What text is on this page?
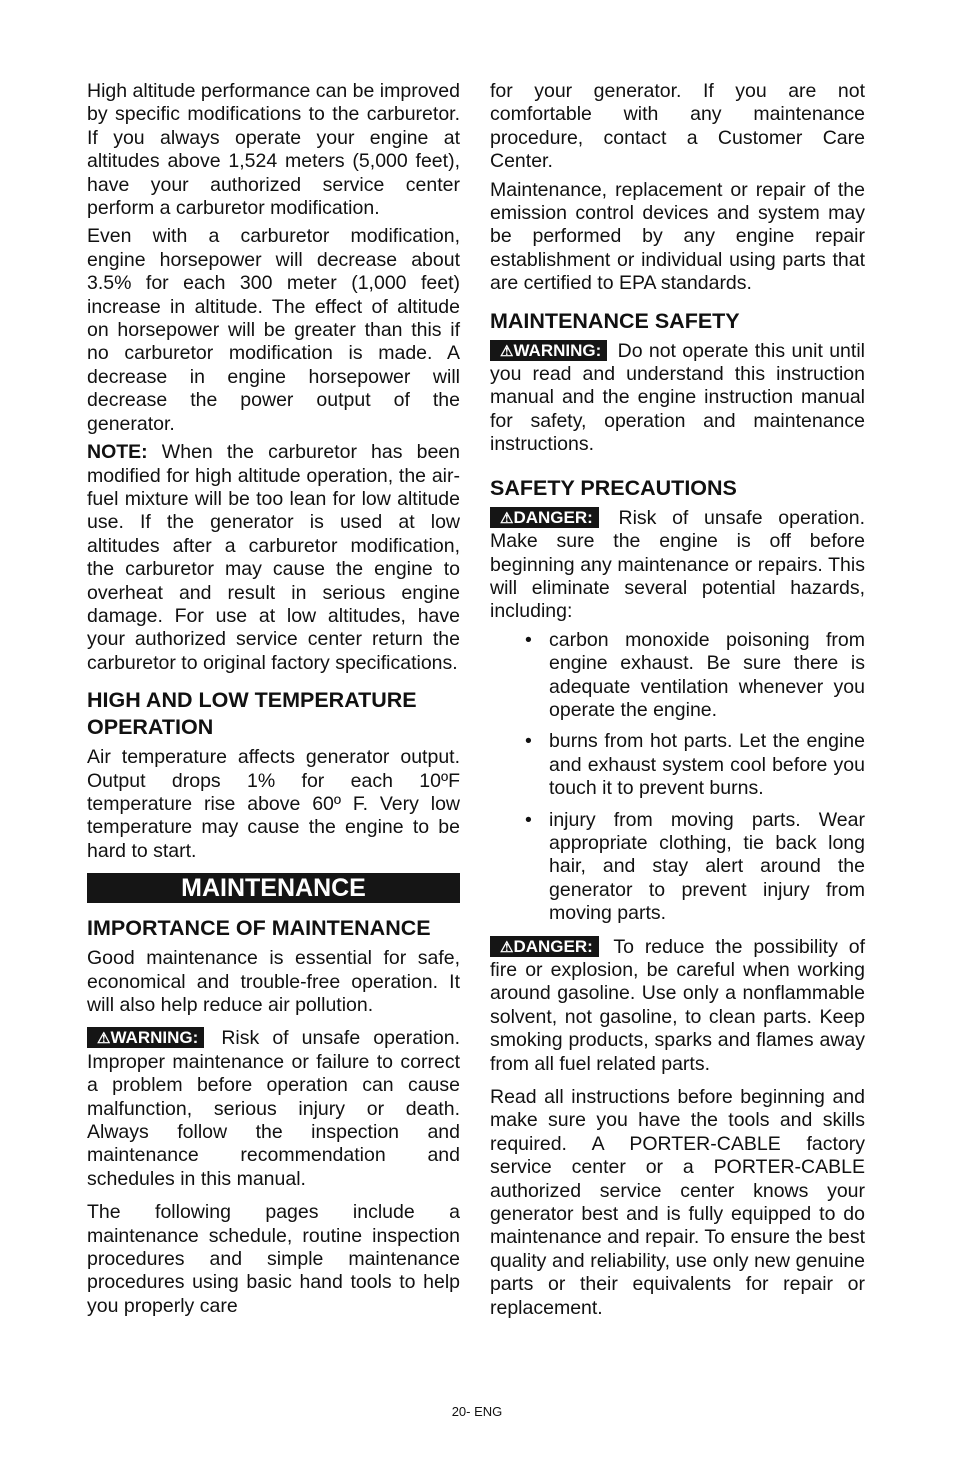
High altitude performance can be improved by specific modifications to the carburetor. If you always operate your engine at altitudes above 1,524 meters (5,000 feet), have your authorized service center perform a carburetor modification.

Even with a carburetor modification, engine horsepower will decrease about 3.5% for each 300 meter (1,000 feet) increase in altitude. The effect of altitude on horsepower will be greater than this if no carburetor modification is made. A decrease in engine horsepower will decrease the power output of the generator.

NOTE: When the carburetor has been modified for high altitude operation, the air-fuel mixture will be too lean for low altitude use. If the generator is used at low altitudes after a carburetor modification, the carburetor may cause the engine to overheat and result in serious engine damage. For use at low altitudes, have your authorized service center return the carburetor to original factory specifications.

HIGH AND LOW TEMPERATURE OPERATION

Air temperature affects generator output. Output drops 1% for each 10ºF temperature rise above 60º F. Very low temperature may cause the engine to be hard to start.

MAINTENANCE
IMPORTANCE OF MAINTENANCE

Good maintenance is essential for safe, economical and trouble-free operation. It will also help reduce air pollution.

⚠WARNING: Risk of unsafe operation. Improper maintenance or failure to correct a problem before operation can cause malfunction, serious injury or death. Always follow the inspection and maintenance recommendation and schedules in this manual.

The following pages include a maintenance schedule, routine inspection procedures and simple maintenance procedures using basic hand tools to help you properly care

for your generator. If you are not comfortable with any maintenance procedure, contact a Customer Care Center.

Maintenance, replacement or repair of the emission control devices and system may be performed by any engine repair establishment or individual using parts that are certified to EPA standards.

MAINTENANCE SAFETY

⚠WARNING: Do not operate this unit until you read and understand this instruction manual and the engine instruction manual for safety, operation and maintenance instructions.

SAFETY PRECAUTIONS

⚠DANGER: Risk of unsafe operation. Make sure the engine is off before beginning any maintenance or repairs. This will eliminate several potential hazards, including:

• carbon monoxide poisoning from engine exhaust. Be sure there is adequate ventilation whenever you operate the engine.
• burns from hot parts. Let the engine and exhaust system cool before you touch it to prevent burns.
• injury from moving parts. Wear appropriate clothing, tie back long hair, and stay alert around the generator to prevent injury from moving parts.

⚠DANGER: To reduce the possibility of fire or explosion, be careful when working around gasoline. Use only a nonflammable solvent, not gasoline, to clean parts. Keep smoking products, sparks and flames away from all fuel related parts.

Read all instructions before beginning and make sure you have the tools and skills required. A PORTER-CABLE factory service center or a PORTER-CABLE authorized service center knows your generator best and is fully equipped to do maintenance and repair. To ensure the best quality and reliability, use only new genuine parts or their equivalents for repair or replacement.

20- ENG
